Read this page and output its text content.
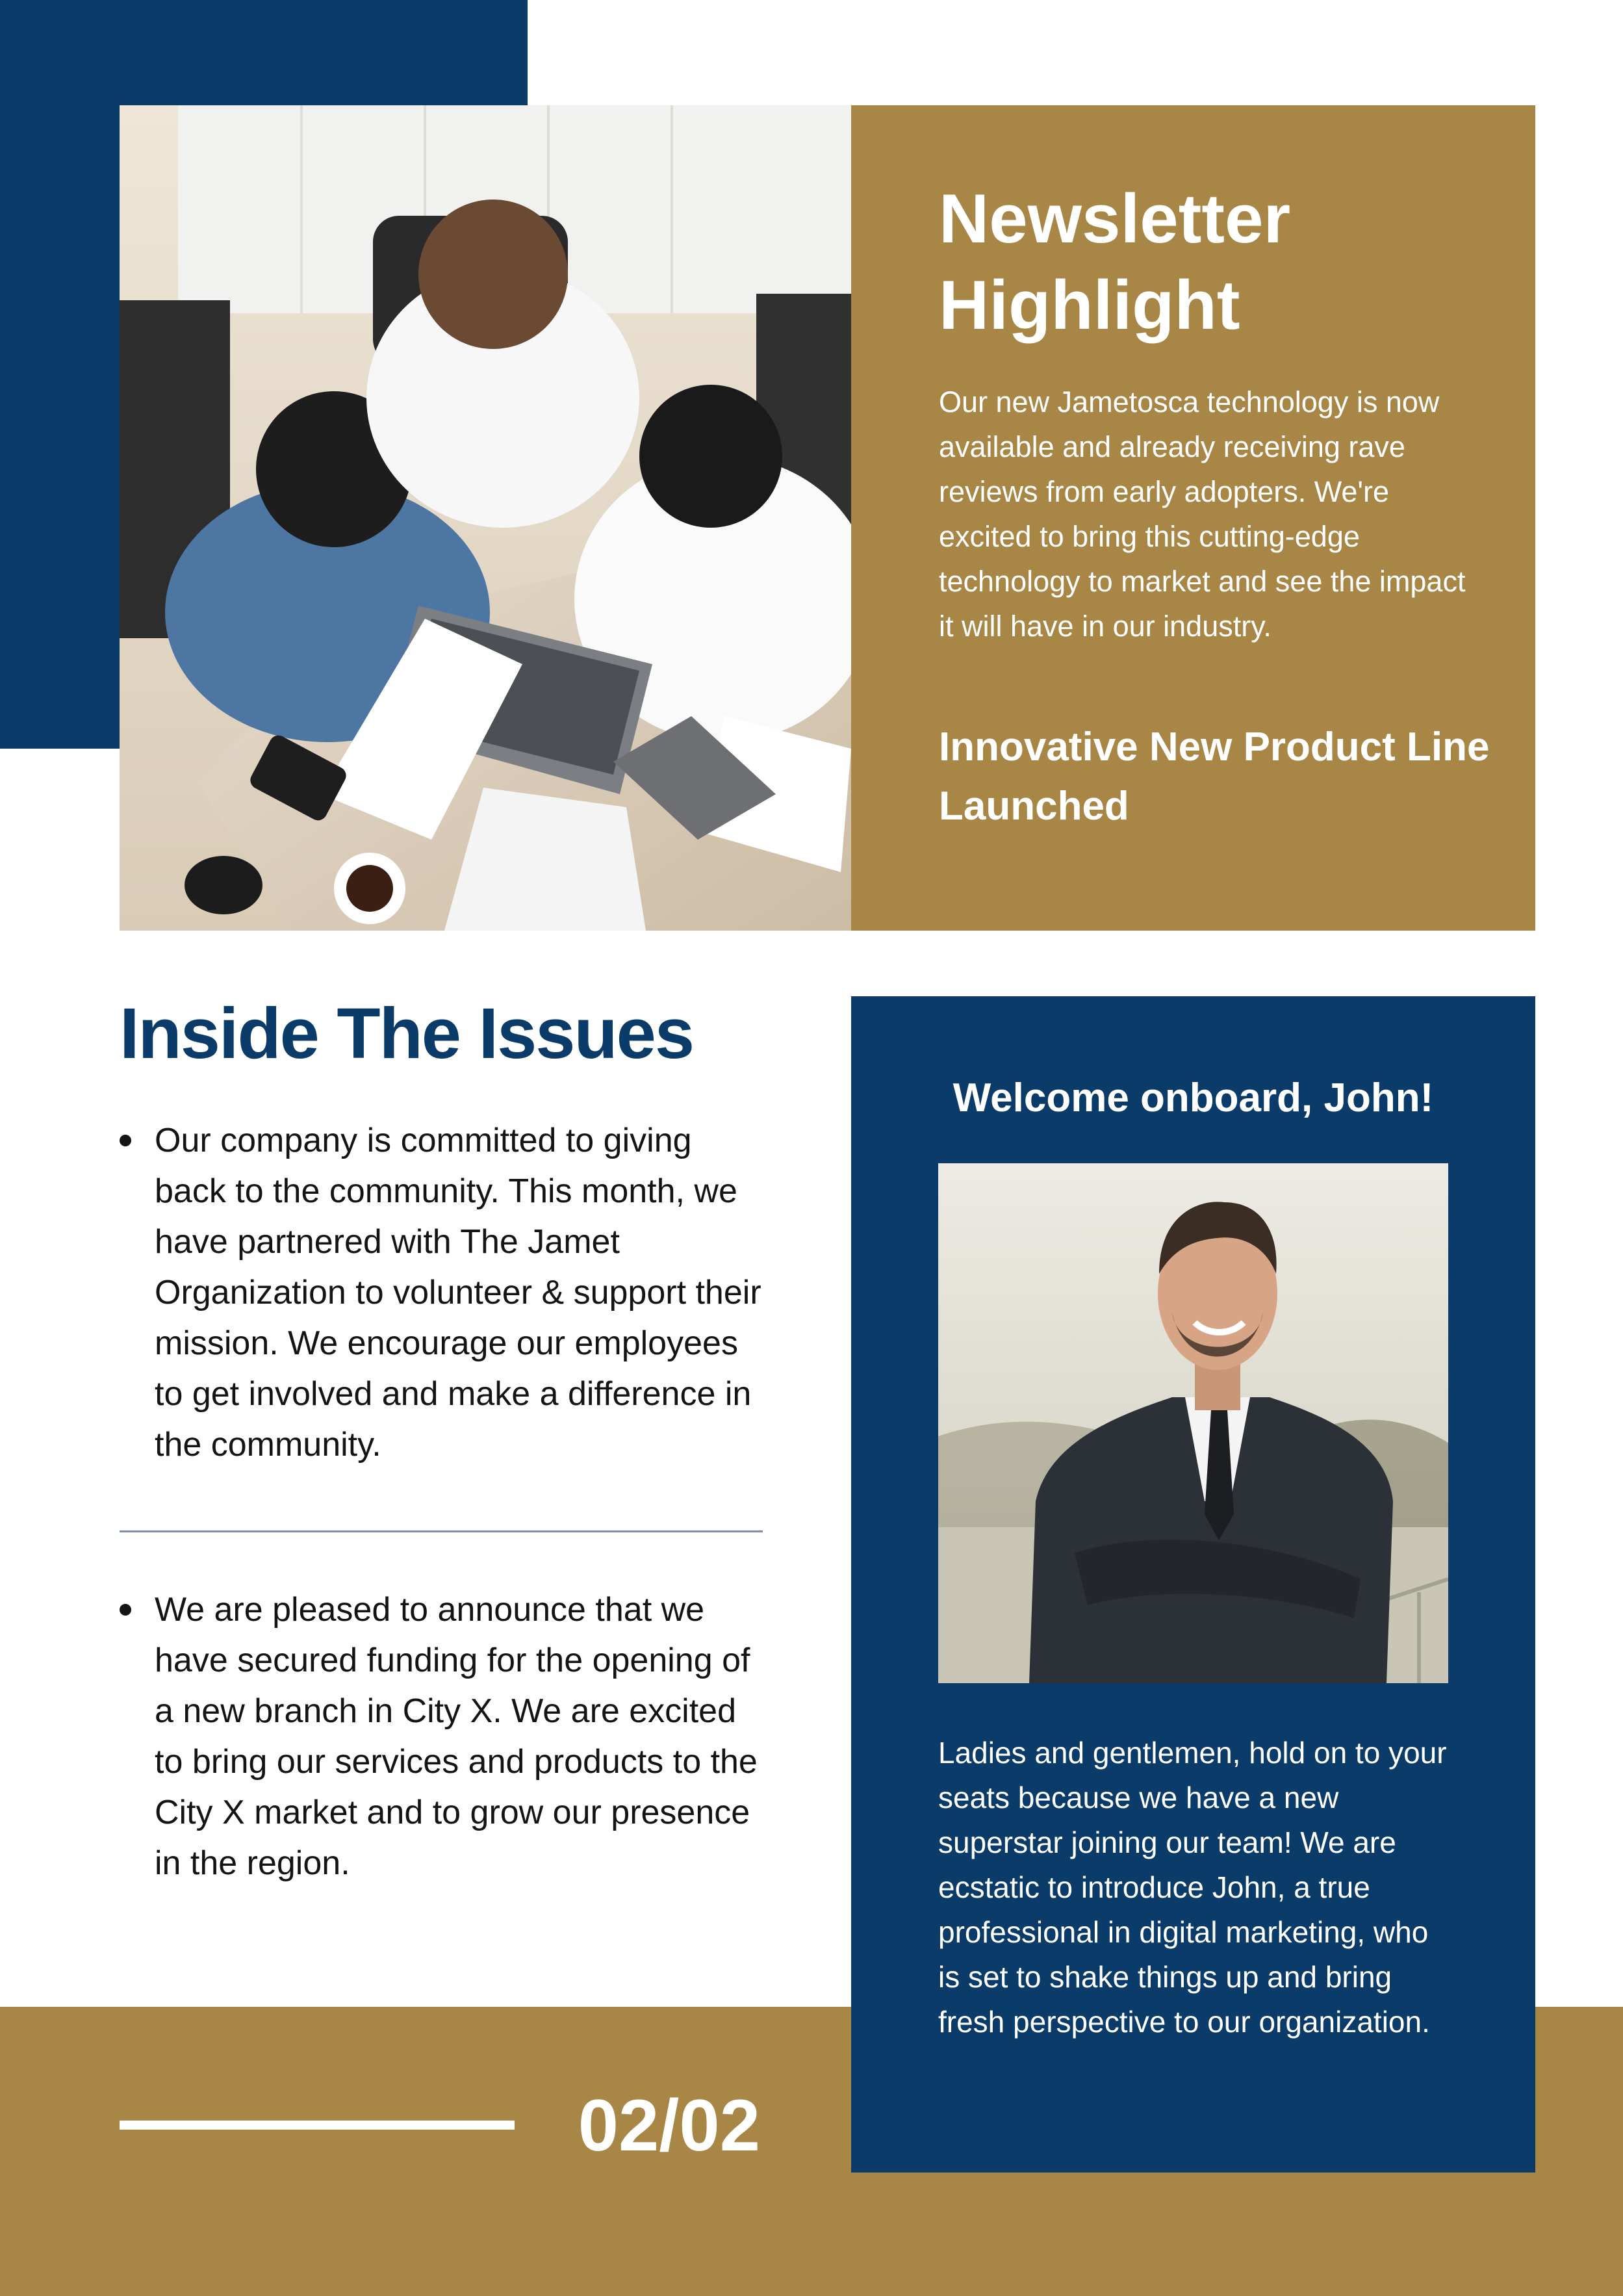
Newsletter Highlight

Our new Jametosca technology is now available and already receiving rave reviews from early adopters. We're excited to bring this cutting-edge technology to market and see the impact it will have in our industry.

Innovative New Product Line Launched
Inside The Issues
Our company is committed to giving back to the community. This month, we have partnered with The Jamet Organization to volunteer & support their mission. We encourage our employees to get involved and make a difference in the community.
We are pleased to announce that we have secured funding for the opening of a new branch in City X. We are excited to bring our services and products to the City X market and to grow our presence in the region.
Welcome onboard, John!

Ladies and gentlemen, hold on to your seats because we have a new superstar joining our team! We are ecstatic to introduce John, a true professional in digital marketing, who is set to shake things up and bring fresh perspective to our organization.

02/02
